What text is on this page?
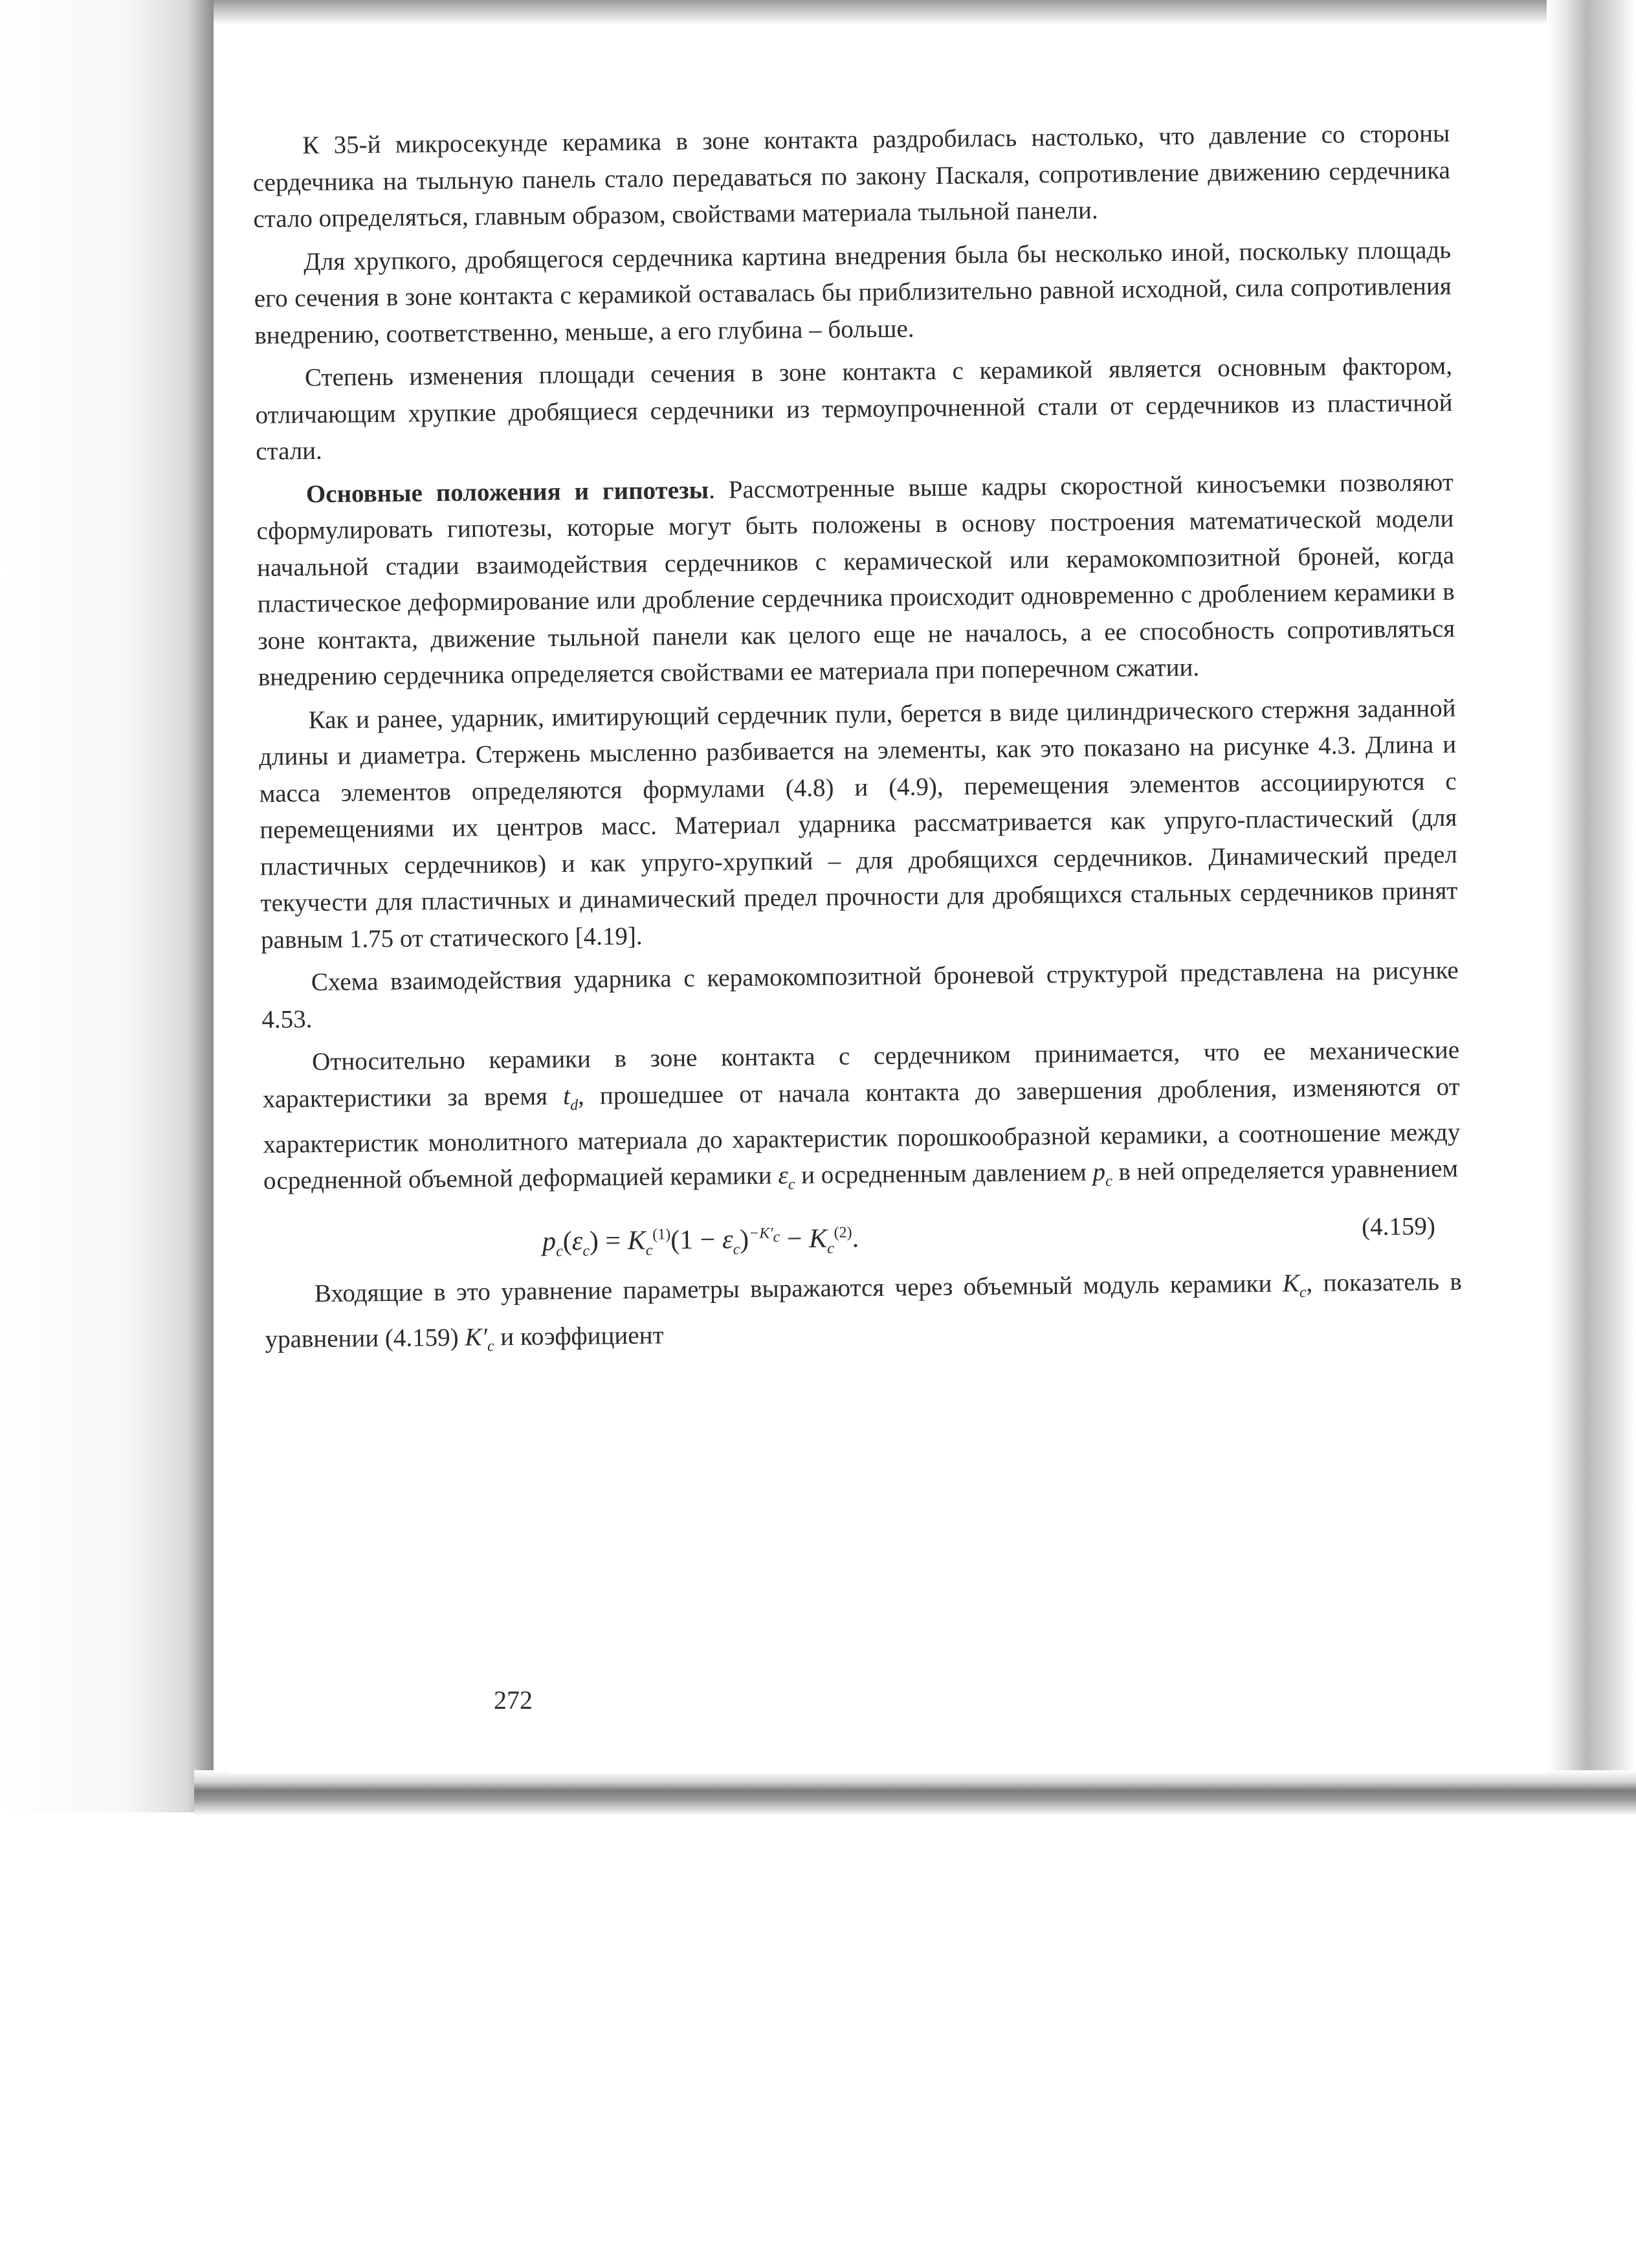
К 35-й микросекунде керамика в зоне контакта раздробилась настолько, что давление со стороны сердечника на тыльную панель стало передаваться по закону Паскаля, сопротивление движению сердечника стало определяться, главным образом, свойствами материала тыльной панели.

Для хрупкого, дробящегося сердечника картина внедрения была бы несколько иной, поскольку площадь его сечения в зоне контакта с керамикой оставалась бы приблизительно равной исходной, сила сопротивления внедрению, соответственно, меньше, а его глубина – больше.

Степень изменения площади сечения в зоне контакта с керамикой является основным фактором, отличающим хрупкие дробящиеся сердечники из термоупрочненной стали от сердечников из пластичной стали.

Основные положения и гипотезы. Рассмотренные выше кадры скоростной киносъемки позволяют сформулировать гипотезы, которые могут быть положены в основу построения математической модели начальной стадии взаимодействия сердечников с керамической или керамокомпозитной броней, когда пластическое деформирование или дробление сердечника происходит одновременно с дроблением керамики в зоне контакта, движение тыльной панели как целого еще не началось, а ее способность сопротивляться внедрению сердечника определяется свойствами ее материала при поперечном сжатии.

Как и ранее, ударник, имитирующий сердечник пули, берется в виде цилиндрического стержня заданной длины и диаметра. Стержень мысленно разбивается на элементы, как это показано на рисунке 4.3. Длина и масса элементов определяются формулами (4.8) и (4.9), перемещения элементов ассоциируются с перемещениями их центров масс. Материал ударника рассматривается как упруго-пластический (для пластичных сердечников) и как упруго-хрупкий – для дробящихся сердечников. Динамический предел текучести для пластичных и динамический предел прочности для дробящихся стальных сердечников принят равным 1.75 от статического [4.19].

Схема взаимодействия ударника с керамокомпозитной броневой структурой представлена на рисунке 4.53.

Относительно керамики в зоне контакта с сердечником принимается, что ее механические характеристики за время $t_d$, прошедшее от начала контакта до завершения дробления, изменяются от характеристик монолитного материала до характеристик порошкообразной керамики, а соотношение между осредненной объемной деформацией керамики $\varepsilon_c$ и осредненным давлением $p_c$ в ней определяется уравнением

$p_c(\varepsilon_c) = K_c^{(1)}(1 - \varepsilon_c)^{-K'_c} - K_c^{(2)}$.	(4.159)

Входящие в это уравнение параметры выражаются через объемный модуль керамики $K_c$, показатель в уравнении (4.159) $K'_c$ и коэффициент

272
